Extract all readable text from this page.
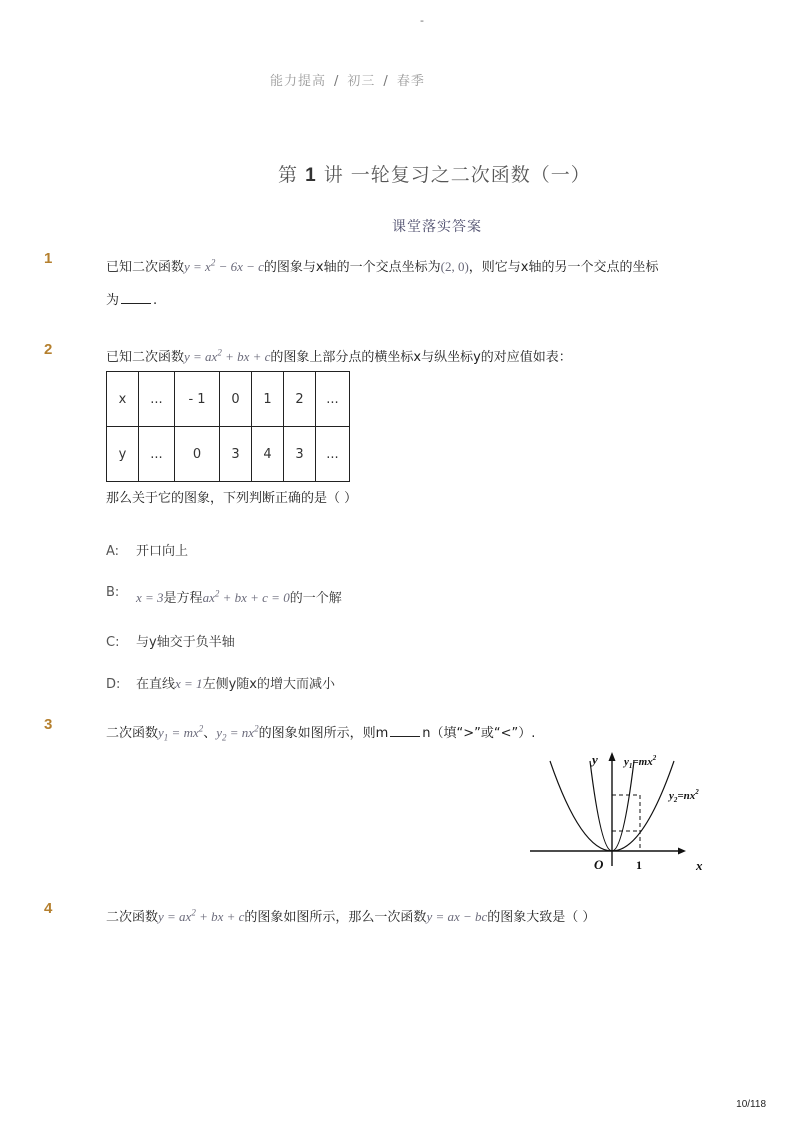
-
能力提高 / 初三 / 春季
第 1 讲 一轮复习之二次函数（一）
课堂落实答案
1
已知二次函数$y = x^2 - 6x - c$的图象与x轴的一个交点坐标为(2, 0)，则它与x轴的另一个交点的坐标
为	.
2	已知二次函数$y = ax^2$ + bx + c的图象上部分点的横坐标x与纵坐标y的对应值如表：
x	...	- 1	0	1	2	...
y	...	0	3	4	3	...
那么关于它的图象，下列判断正确的是（ ）
A: 开口向上
B: x = 3是方程$ax^2$ + bx + c = 0的一个解
C: 与y轴交于负半轴
D: 在直线x = 1左侧y随x的增大而减小
3
二次函数$y_1 = mx^2$、$y_2 = nx^2$的图象如图所示，则m	n（填“>”或“<”）.
y
x
O	1
$y_1=mx^2$
$y_2=nx^2$
4
二次函数$y = ax^2$ + bx + c的图象如图所示，那么一次函数y = ax − bc的图象大致是（ ）
10/118
